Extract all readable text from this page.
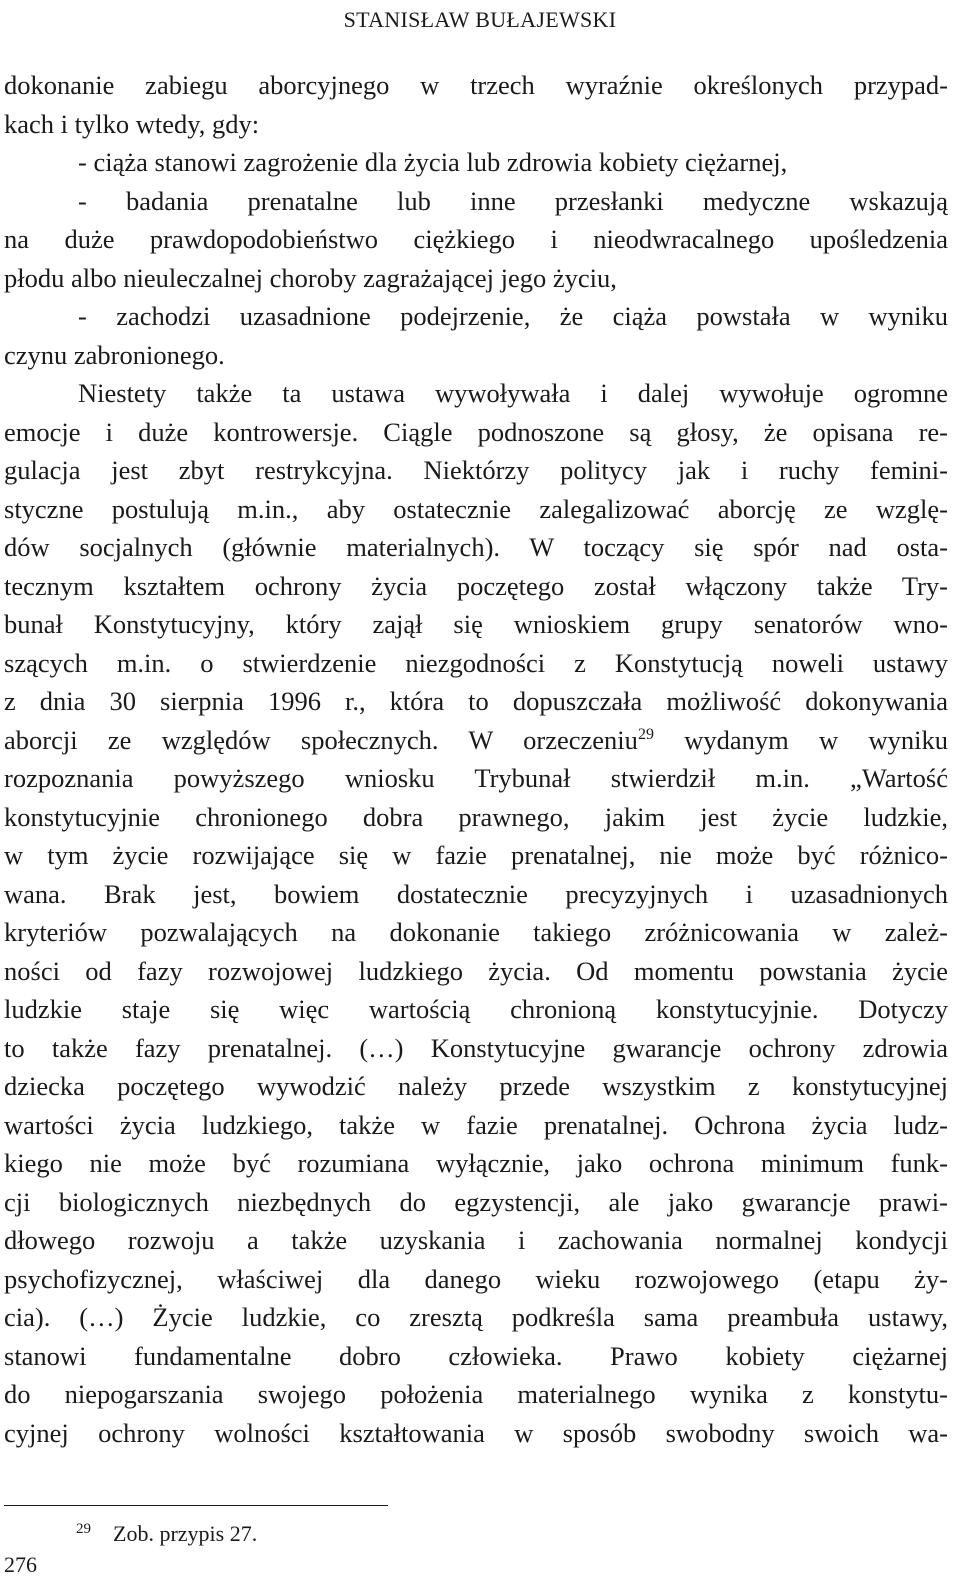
STANISŁAW BUŁAJEWSKI
dokonanie zabiegu aborcyjnego w trzech wyraźnie określonych przypad-
kach i tylko wtedy, gdy:
- ciąża stanowi zagrożenie dla życia lub zdrowia kobiety ciężarnej,
- badania prenatalne lub inne przesłanki medyczne wskazują
na duże prawdopodobieństwo ciężkiego i nieodwracalnego upośledzenia
płodu albo nieuleczalnej choroby zagrażającej jego życiu,
- zachodzi uzasadnione podejrzenie, że ciąża powstała w wyniku
czynu zabronionego.
Niestety także ta ustawa wywoływała i dalej wywołuje ogromne
emocje i duże kontrowersje. Ciągle podnoszone są głosy, że opisana re-
gulacja jest zbyt restrykcyjna. Niektórzy politycy jak i ruchy femini-
styczne postulują m.in., aby ostatecznie zalegalizować aborcję ze wzglę-
dów socjalnych (głównie materialnych). W toczący się spór nad osta-
tecznym kształtem ochrony życia poczętego został włączony także Try-
bunał Konstytucyjny, który zajął się wnioskiem grupy senatorów wno-
szących m.in. o stwierdzenie niezgodności z Konstytucją noweli ustawy
z dnia 30 sierpnia 1996 r., która to dopuszczała możliwość dokonywania
aborcji ze względów społecznych. W orzeczeniu$^{29}$ wydanym w wyniku
rozpoznania powyższego wniosku Trybunał stwierdził m.in. „Wartość
konstytucyjnie chronionego dobra prawnego, jakim jest życie ludzkie,
w tym życie rozwijające się w fazie prenatalnej, nie może być różnico-
wana. Brak jest, bowiem dostatecznie precyzyjnych i uzasadnionych
kryteriów pozwalających na dokonanie takiego zróżnicowania w zależ-
ności od fazy rozwojowej ludzkiego życia. Od momentu powstania życie
ludzkie staje się więc wartością chronioną konstytucyjnie. Dotyczy
to także fazy prenatalnej. (…) Konstytucyjne gwarancje ochrony zdrowia
dziecka poczętego wywodzić należy przede wszystkim z konstytucyjnej
wartości życia ludzkiego, także w fazie prenatalnej. Ochrona życia ludz-
kiego nie może być rozumiana wyłącznie, jako ochrona minimum funk-
cji biologicznych niezbędnych do egzystencji, ale jako gwarancje prawi-
dłowego rozwoju a także uzyskania i zachowania normalnej kondycji
psychofizycznej, właściwej dla danego wieku rozwojowego (etapu ży-
cia). (…) Życie ludzkie, co zresztą podkreśla sama preambuła ustawy,
stanowi fundamentalne dobro człowieka. Prawo kobiety ciężarnej
do niepogarszania swojego położenia materialnego wynika z konstytu-
cyjnej ochrony wolności kształtowania w sposób swobodny swoich wa-
$^{29}$ Zob. przypis 27.
276
